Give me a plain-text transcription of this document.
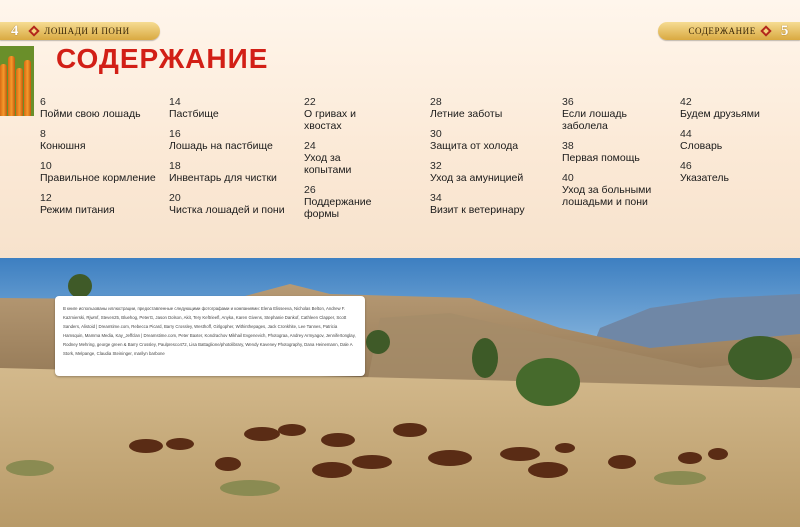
4	ЛОШАДИ И ПОНИ	СОДЕРЖАНИЕ 5
СОДЕРЖАНИЕ
6
Пойми свою лошадь
8
Конюшня
10
Правильное кормление
12
Режим питания
14
Пастбище
16
Лошадь на пастбище
18
Инвентарь для чистки
20
Чистка лошадей и пони
22
О гривах и хвостах
24
Уход за копытами
26
Поддержание формы
28
Летние заботы
30
Защита от холода
32
Уход за амуницией
34
Визит к ветеринару
36
Если лошадь заболела
38
Первая помощь
40
Уход за больными лошадьми и пони
42
Будем друзьями
44
Словарь
46
Указатель
В книге использованы иллюстрации, предоставленные следующими фотографами и компаниями: Elena Elisseeva, Nicholas Belton, Andrew F. Kazmierski, Rjwmf, Steven25, Bluehog, PeterG, Jason Dolson, Akit, Tery Keftrieefl, Anyka, Karen Givens, Stephanie Dankof, Cathleen Clapper, Scott Sanders, Alistoid | Dreamtime.com, Rebecca Picard, Barry Crossley, Westhoff, Girlgopher, Withinthepages, Jack Cronkhite, Lee Tannes, Patricia Hamsquin, Mamma Media, Kay_Jeffclan | Dreamstime.com, Peter Baxter, Kondrachov Mikhail Evgenevich, Photograa, Andrey Armyagov, Jennifertonglay, Rodney Mehring, george green & Barry Crossley, Paulpresco472, Lisa Battaglione/photolibrary, Wendy Kaveney Photography, Dana Heinemann, Dale A Stork, Melpange, Claudia Steininger, marilyn barbone
